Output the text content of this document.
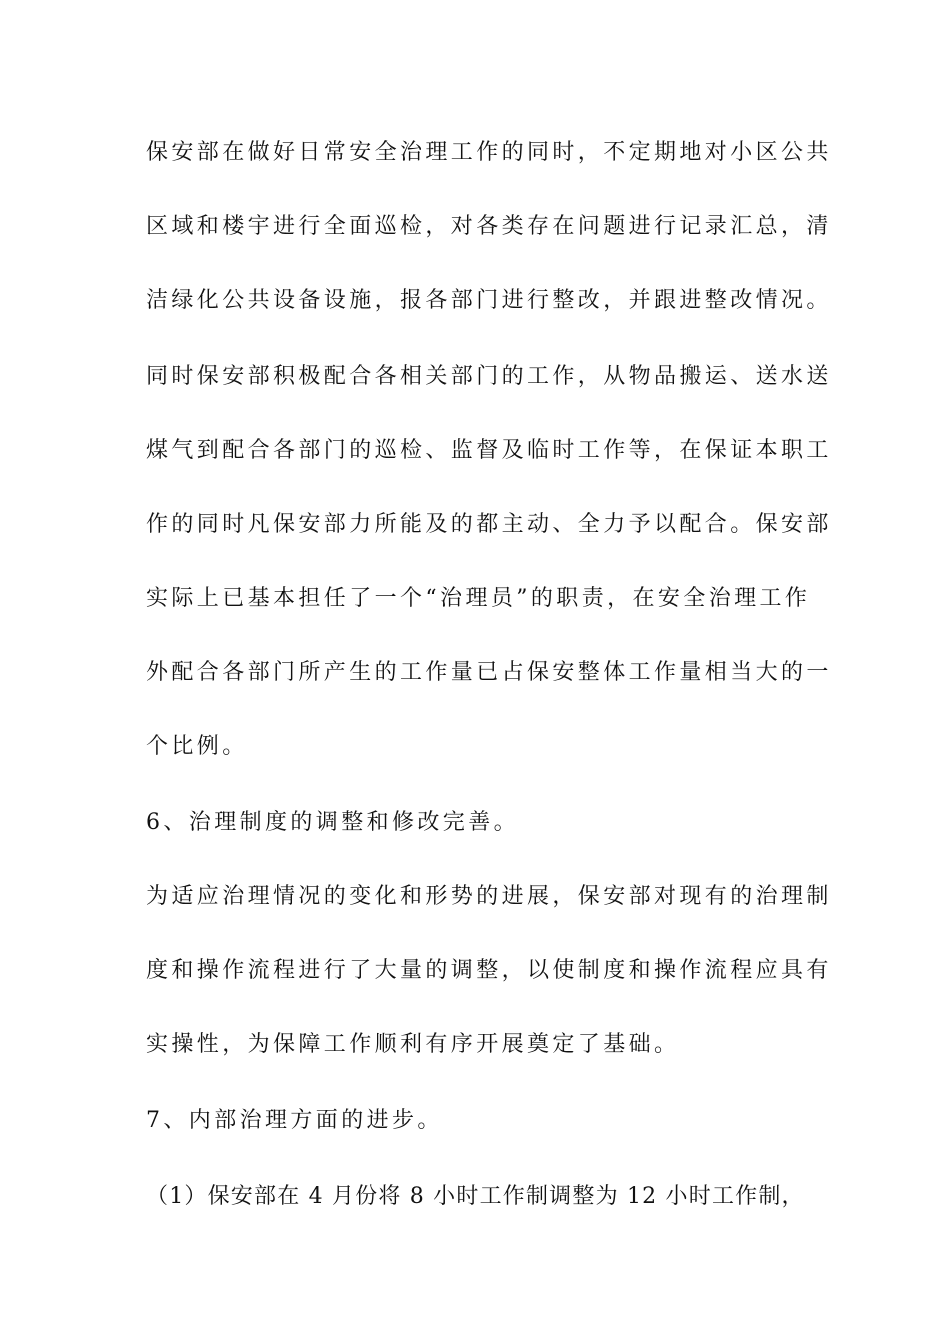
保安部在做好日常安全治理工作的同时，不定期地对小区公共
区域和楼宇进行全面巡检，对各类存在问题进行记录汇总，清
洁绿化公共设备设施，报各部门进行整改，并跟进整改情况。
同时保安部积极配合各相关部门的工作，从物品搬运、送水送
煤气到配合各部门的巡检、监督及临时工作等，在保证本职工
作的同时凡保安部力所能及的都主动、全力予以配合。保安部
实际上已基本担任了一个“治理员”的职责，在安全治理工作
外配合各部门所产生的工作量已占保安整体工作量相当大的一
个比例。
6、治理制度的调整和修改完善。
为适应治理情况的变化和形势的进展，保安部对现有的治理制
度和操作流程进行了大量的调整，以使制度和操作流程应具有
实操性，为保障工作顺利有序开展奠定了基础。
7、内部治理方面的进步。
（1）保安部在 4 月份将 8 小时工作制调整为 12 小时工作制，
